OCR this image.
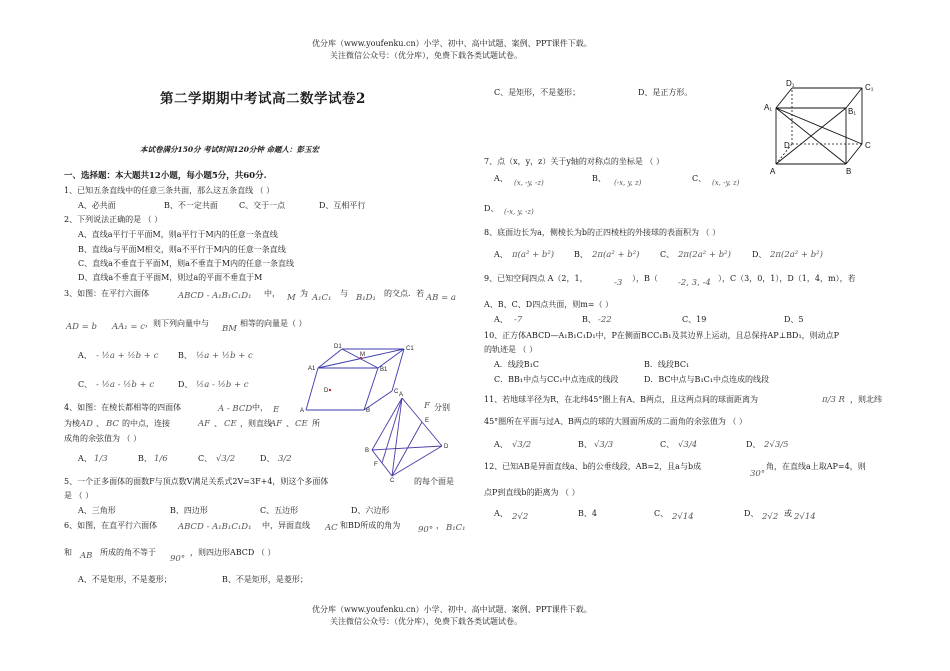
优分库（www.youfenku.cn）小学、初中、高中试题、案例、PPT课件下载。
关注微信公众号：（优分库），免费下载各类试题试卷。
第二学期期中考试高二数学试卷2
本试卷满分150分 考试时间120分钟 命题人：彭玉宏
一、选择题：本大题共12小题，每小题5分，共60分.
1、已知五条直线中的任意三条共面，那么这五条直线 （ ）
A、必共面	B、不一定共面	C、交于一点	D、互相平行
2、下列说法正确的是 （ ）
A、直线a平行于平面M，则a平行于M内的任意一条直线
B、直线a与平面M相交，则a不平行于M内的任意一条直线
C、直线a不垂直于平面M，则a不垂直于M内的任意一条直线
D、直线a不垂直于平面M，则过a的平面不垂直于M
3、如图：在平行六面体	ABCD - A₁B₁C₁D₁ 中， M 为 A₁C₁ 与 B₁D₁ 的交点．若 AB = a
AD = b AA₁ = c ，则下列向量中与
BM
相等的向量是（ ）
A、 - ½a + ½b + c B、 ½a + ½b + c
C、 - ½a - ½b + c	D、 ½a - ½b + c
4、如图：在棱长都相等的四面体	A - BCD 中， E	F 分别
为棱 AD 、 BC 的中点，连接	AF 、 CE ，则直线
AF 、 CE 所
成角的余弦值为 （ ）
A、 1/3	B、 1/6	C、 √3/2	D、 3/2
5、一个正多面体的面数F与顶点数V满足关系式2V=3F+4，则这个多面体	的每个面是
是 （ ）
A、三角形	B、四边形	C、五边形	D、六边形
6、如图，在直平行六面体 ABCD - A₁B₁C₁D₁ 中，异面直线 AC 和BD所成的角为 90° ， B₁C₁
和 AB 所成的角不等于
90°
，则四边形ABCD （ ）
A、不是矩形，不是菱形；	B、不是矩形，是菱形；
C、是矩形，不是菱形；	D、是正方形。
7、点（x，y，z）关于y轴的对称点的坐标是 （ ）
A、 (x, -y, -z)	B、 (-x, y, z)	C、 (x, -y, z)
D、 (-x, y, -z)
8、底面边长为a，侧棱长为b的正四棱柱的外接球的表面积为 （ ）
A、 π(a² + b²) B、 2π(a² + b²)	C、 2π(2a² + b²)	D、 2π(2a² + b²)
9、已知空间四点 A（2，1，	-3 ），B（ -2, 3, -4 ），C（3，0，1），D（1，4，m），若
A、B、C、D四点共面，则m=（ ）
A、 -7	B、 -22	C、19	D、5
10、正方体ABCD—A₁B₁C₁D₁中，P在侧面BCC₁B₁及其边界上运动，且总保持AP⊥BD₁，则动点P
的轨迹是 （ ）
A．线段B₁C	B．线段BC₁
C．BB₁中点与CC₁中点连成的线段	D．BC中点与B₁C₁中点连成的线段
11、若地球半径为R，在北纬45°圈上有A、B两点，且这两点间的球面距离为	π/3 R ，则北纬
45°圈所在平面与过A、B两点的球的大圆面所成的二面角的余弦值为 （ ）
A、 √3/2	B、 √3/3	C、 √3/4	D、 2√3/5
12、已知AB是异面直线a、b的公垂线段，AB=2，且a与b成
30°
角，在直线a上取AP=4，则
点P到直线b的距离为 （ ）
A、 2√2	B、4	C、 2√14	D、 2√2 或 2√14
D1	C1
A1	B1
M
D	C
A	B
A
E
B
D
F
C
D₁	C₁
A₁	B₁
D	C
A	B
优分库（www.youfenku.cn）小学、初中、高中试题、案例、PPT课件下载。
关注微信公众号：（优分库），免费下载各类试题试卷。
